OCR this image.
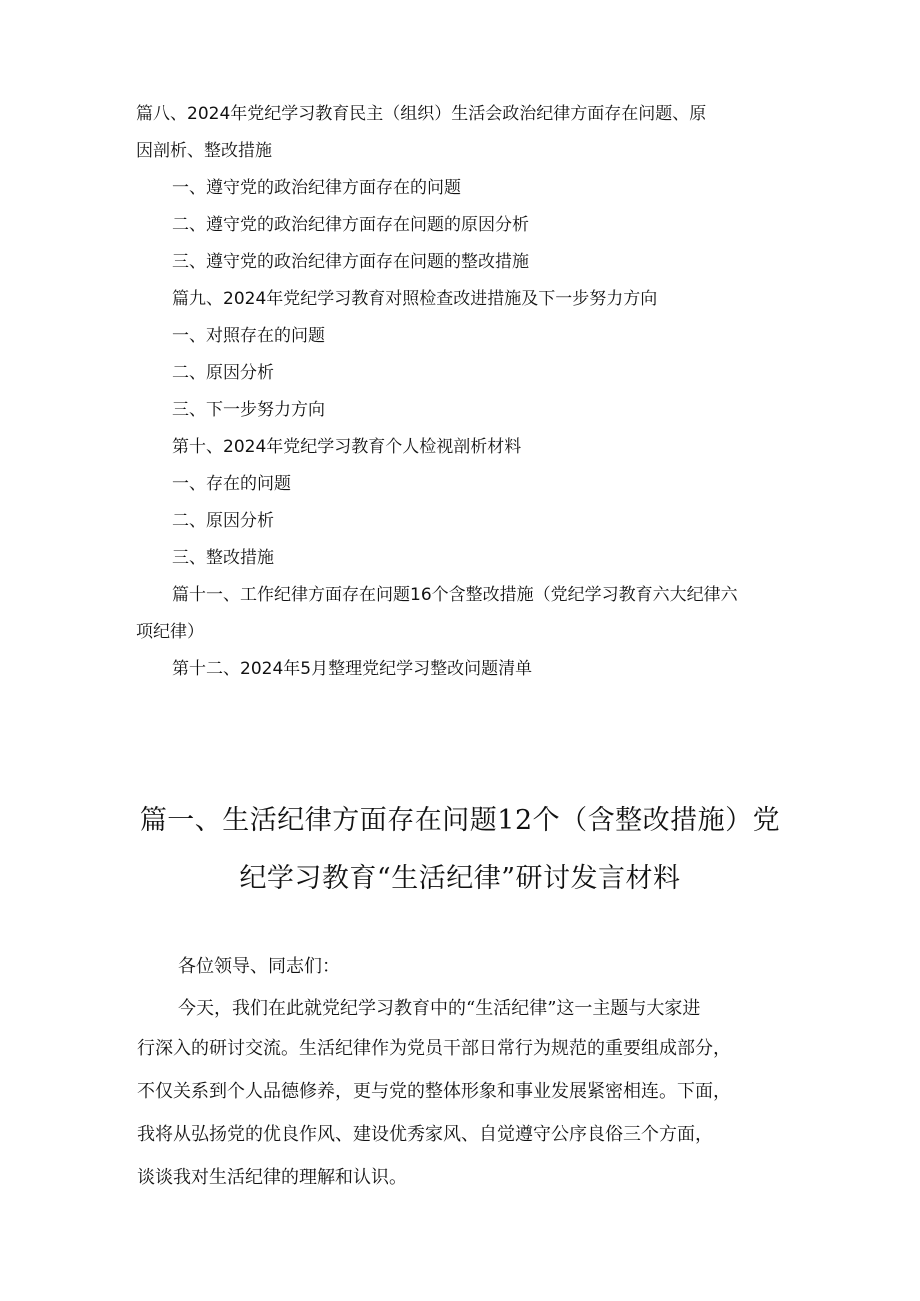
篇八、2024年党纪学习教育民主（组织）生活会政治纪律方面存在问题、原
因剖析、整改措施
一、遵守党的政治纪律方面存在的问题
二、遵守党的政治纪律方面存在问题的原因分析
三、遵守党的政治纪律方面存在问题的整改措施
篇九、2024年党纪学习教育对照检查改进措施及下一步努力方向
一、对照存在的问题
二、原因分析
三、下一步努力方向
第十、2024年党纪学习教育个人检视剖析材料
一、存在的问题
二、原因分析
三、整改措施
篇十一、工作纪律方面存在问题16个含整改措施（党纪学习教育六大纪律六
项纪律）
第十二、2024年5月整理党纪学习整改问题清单
篇一、生活纪律方面存在问题12个（含整改措施）党
纪学习教育“生活纪律”研讨发言材料
各位领导、同志们：
今天，我们在此就党纪学习教育中的“生活纪律”这一主题与大家进
行深入的研讨交流。生活纪律作为党员干部日常行为规范的重要组成部分，
不仅关系到个人品德修养，更与党的整体形象和事业发展紧密相连。下面，
我将从弘扬党的优良作风、建设优秀家风、自觉遵守公序良俗三个方面，
谈谈我对生活纪律的理解和认识。
